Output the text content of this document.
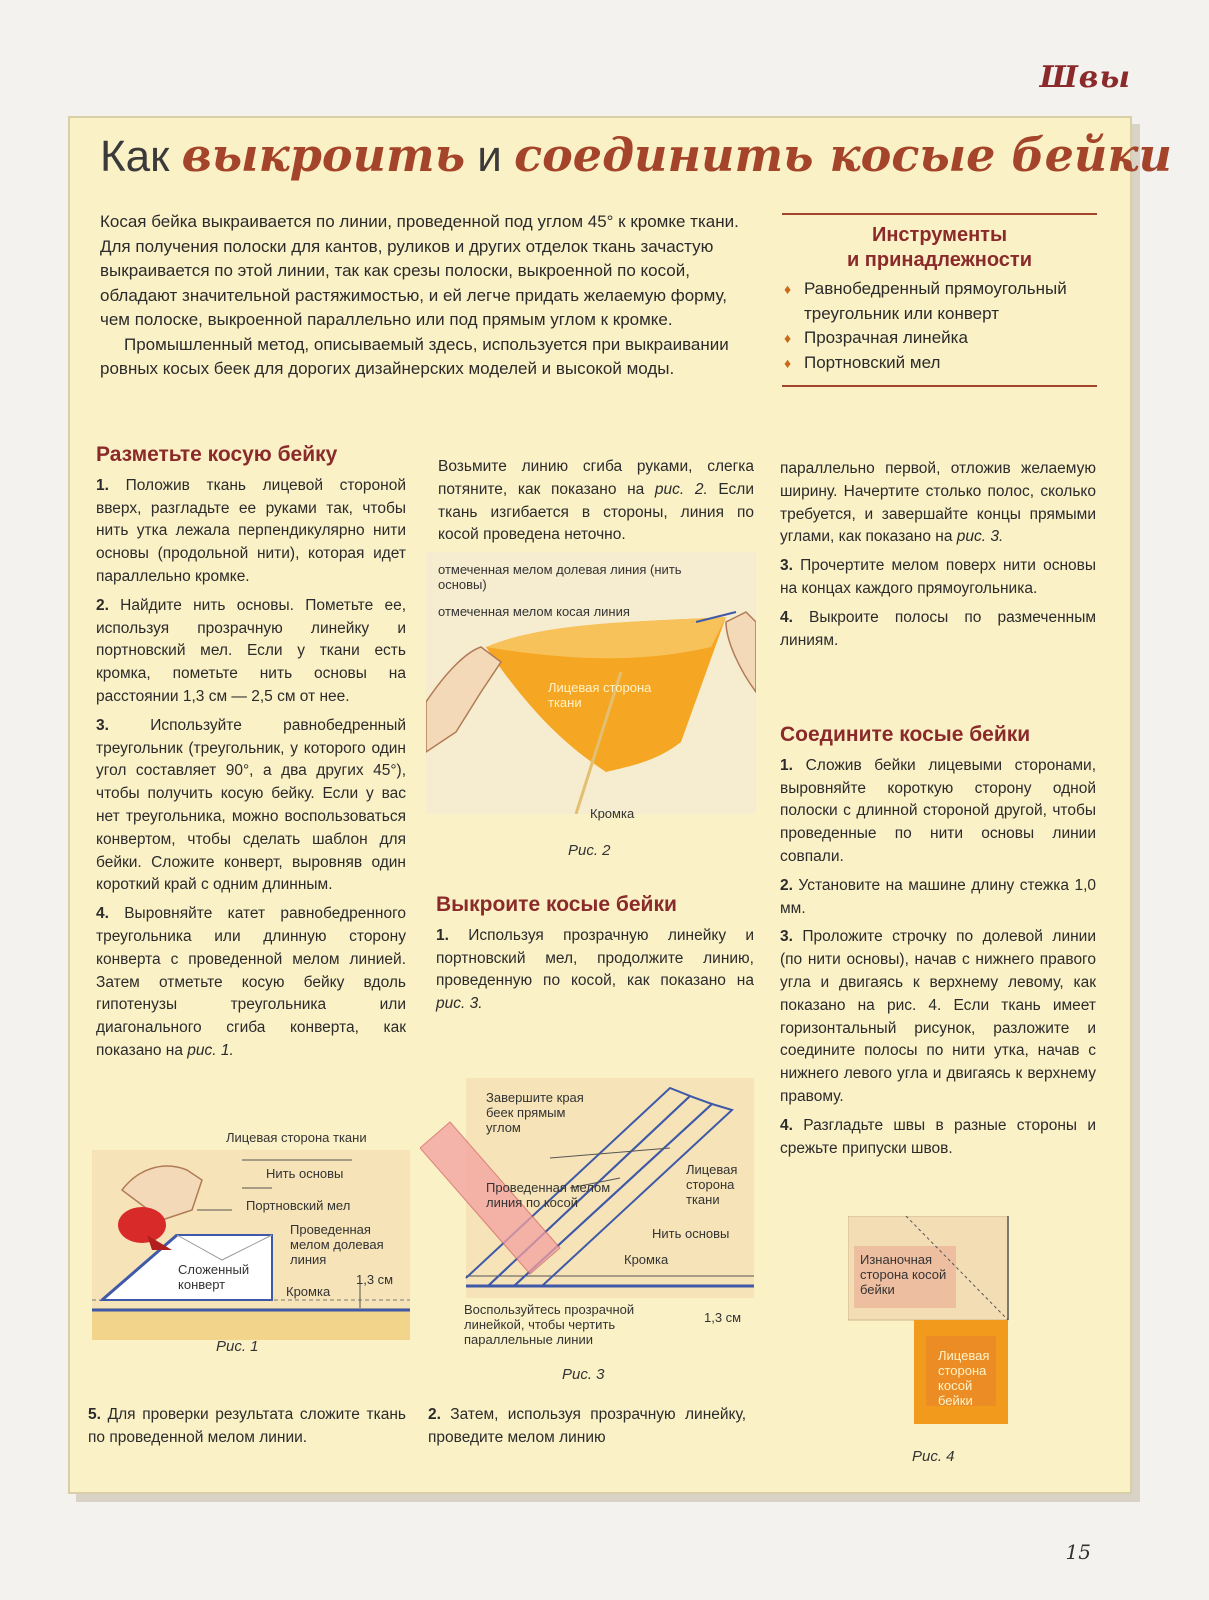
Швы
Как выкроить и соединить косые бейки

Косая бейка выкраивается по линии, проведенной под углом 45° к кромке ткани. Для получения полоски для кантов, руликов и других отделок ткань зачастую выкраивается по этой линии, так как срезы полоски, выкроенной по косой, обладают значительной растяжимостью, и ей легче придать желаемую форму, чем полоске, выкроенной параллельно или под прямым углом к кромке.

Промышленный метод, описываемый здесь, используется при выкраивании ровных косых беек для дорогих дизайнерских моделей и высокой моды.

Инструменты
и принадлежности
♦ Равнобедренный прямоугольный треугольник или конверт
♦ Прозрачная линейка
♦ Портновский мел
Разметьте косую бейку

1. Положив ткань лицевой стороной вверх, разгладьте ее руками так, чтобы нить утка лежала перпендикулярно нити основы (продольной нити), которая идет параллельно кромке.

2. Найдите нить основы. Пометьте ее, используя прозрачную линейку и портновский мел. Если у ткани есть кромка, пометьте нить основы на расстоянии 1,3 см — 2,5 см от нее.

3.	Используйте равнобедренный треугольник (треугольник, у которого один угол составляет 90°, а два других 45°), чтобы получить косую бейку. Если у вас нет треугольника, можно воспользоваться конвертом, чтобы сделать шаблон для бейки. Сложите конверт, выровняв один короткий край с одним длинным.

4. Выровняйте катет равнобедренного треугольника или длинную сторону конверта с проведенной мелом линией. Затем отметьте косую бейку вдоль гипотенузы треугольника или диагонального сгиба конверта, как показано на рис. 1.

5. Для проверки результата сложите ткань по проведенной мелом линии.

Возьмите линию сгиба руками, слегка потяните, как показано на рис. 2. Если ткань изгибается в стороны, линия по косой проведена неточно.

Выкроите косые бейки

1. Используя прозрачную линейку и портновский мел, продолжите линию, проведенную по косой, как показано на рис. 3.

2. Затем, используя прозрачную линейку, проведите мелом линию

параллельно первой, отложив желаемую ширину. Начертите столько полос, сколько требуется, и завершайте концы прямыми углами, как показано на рис. 3.

3. Прочертите мелом поверх нити основы на концах каждого прямоугольника.

4. Выкроите полосы по размеченным линиям.

Соедините косые бейки

1. Сложив бейки лицевыми сторонами, выровняйте короткую сторону одной полоски с длинной стороной другой, чтобы проведенные по нити основы линии совпали.

2. Установите на машине длину стежка 1,0 мм.

3. Проложите строчку по долевой линии (по нити основы), начав с нижнего правого угла и двигаясь к верхнему левому, как показано на рис. 4. Если ткань имеет горизонтальный рисунок, разложите и соедините полосы по нити утка, начав с нижнего левого угла и двигаясь к верхнему правому.

4. Разгладьте швы в разные стороны и срежьте припуски швов.

Лицевая сторона ткани
Нить основы
Портновский мел
Проведенная мелом долевая линия
Сложенный конверт	Кромка
1,3 см
Рис. 1
отмеченная мелом долевая линия (нить основы)
отмеченная мелом косая линия
Лицевая сторона ткани
Кромка
Рис. 2
Завершите края беек прямым углом
Лицевая сторона ткани
Проведенная мелом линия по косой
Нить основы
Кромка
Воспользуйтесь прозрачной линейкой, чтобы чертить параллельные линии
1,3 см
Рис. 3
Изнаночная сторона косой бейки
Лицевая сторона косой бейки
Рис. 4
15
